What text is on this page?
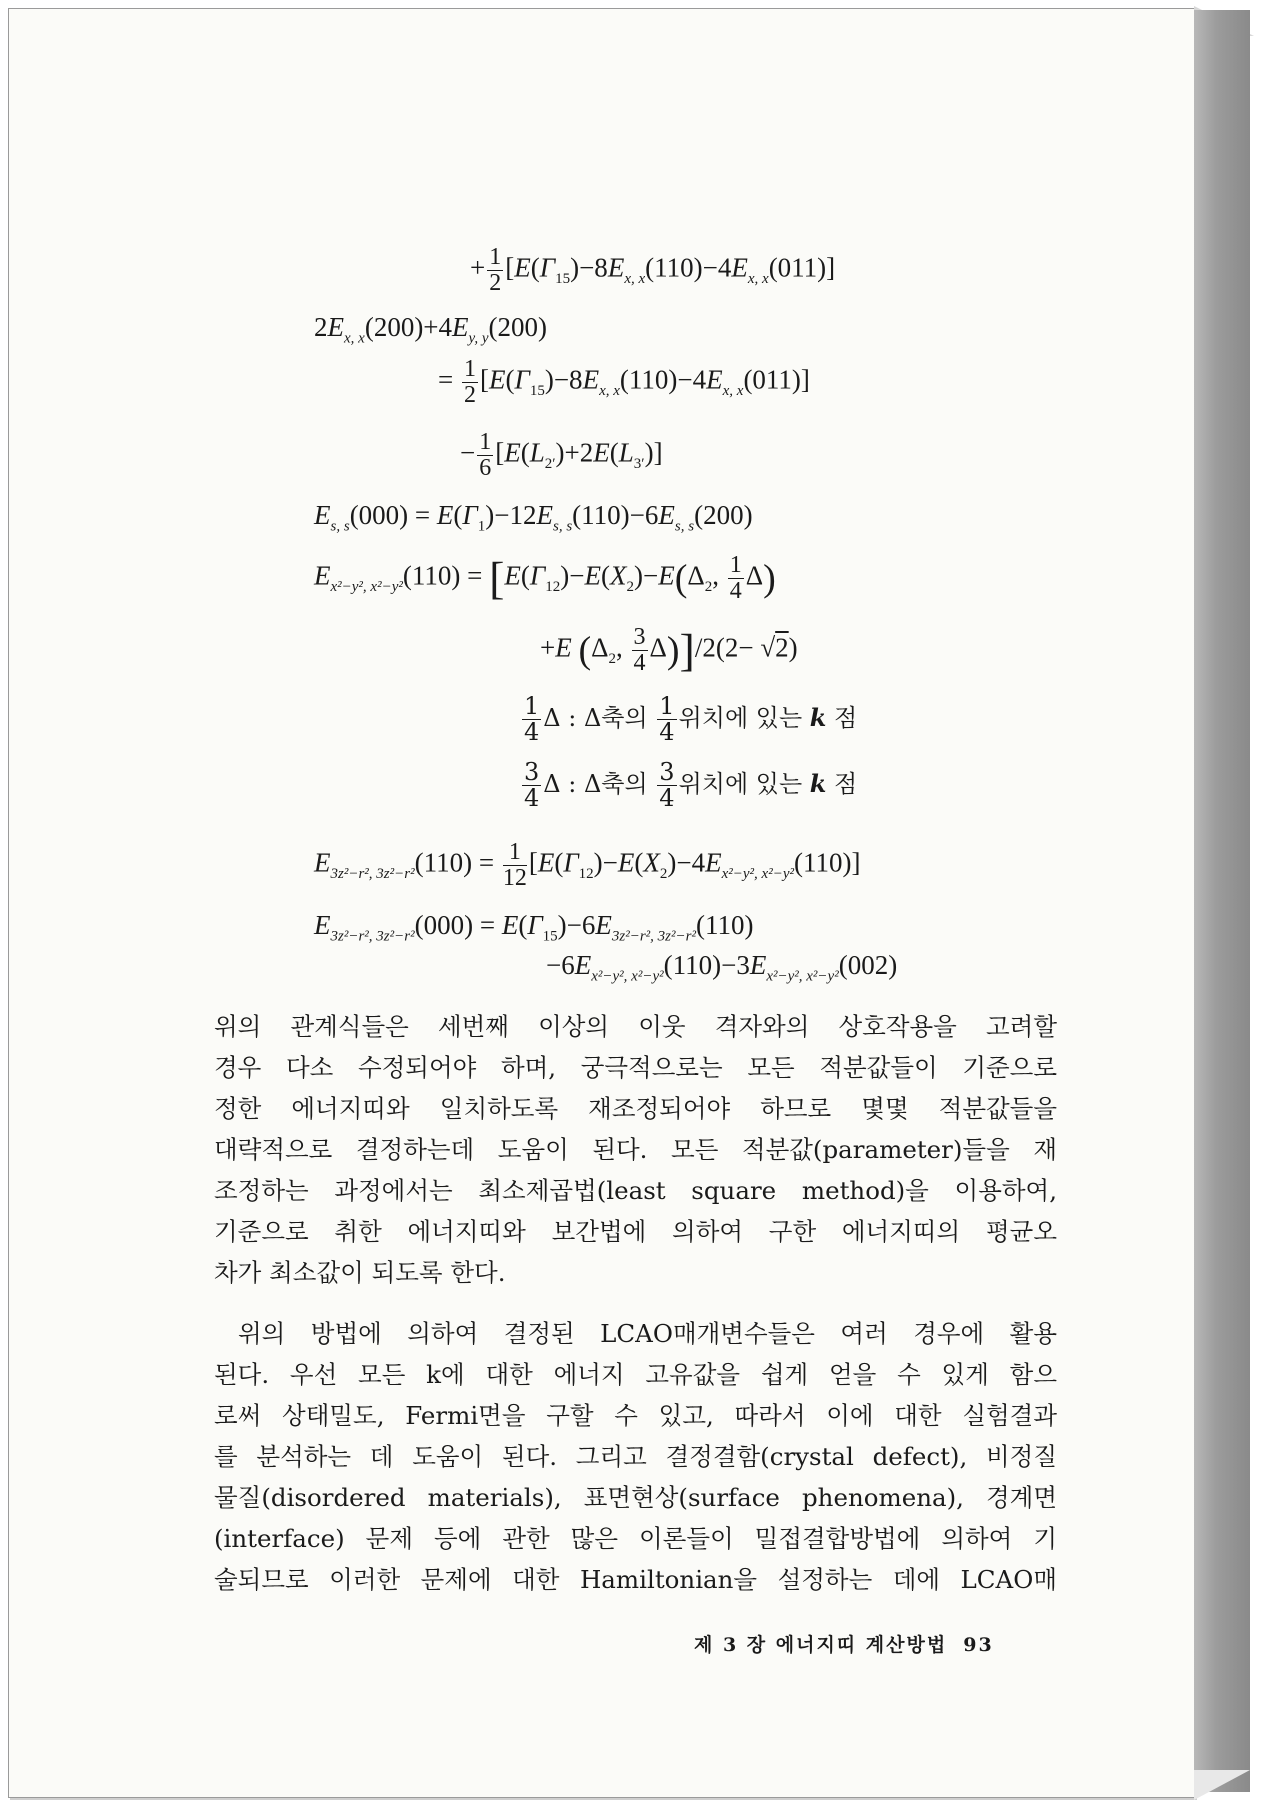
+ $\frac{1}{2} [E(\Gamma_{15})-8E_{x, x}(110)-4E_{x, x}(011)]$
$2E_{x, x}(200)+4E_{y, y}(200)$
= $\frac{1}{2} [E(\Gamma_{15})-8E_{x, x}(110)-4E_{x, x}(011)]$
− $\frac{1}{6} [E(L_{2'})+2E(L_{3'})]$
$E_{s, s}(000) = E(\Gamma_1)-12E_{s, s}(110)-6E_{s, s}(200)$
$E_{x^2-y^2, x^2-y^2}(110) = [E(\Gamma_{12})-E(X_2)-E(\Delta_2$, $\frac{1}{4} \Delta$)
+E ($\Delta_2$, $\frac{3}{4} \Delta)]/2(2- √2)$
$\frac{1}{4}$ Δ : Δ축의 $\frac{1}{4}$ 위치에 있는 k 점
$\frac{3}{4}$ Δ : Δ축의 $\frac{3}{4}$ 위치에 있는 k 점
$E_{3z^2-r^2, 3z^2-r^2}(110) = \frac{1}{12} [E(\Gamma_{12})-E(X_2)-4E_{x^2-y^2, x^2-y^2}(110)]$
$E_{3z^2-r^2, 3z^2-r^2}(000) = E(\Gamma_{15})-6E_{3z^2-r^2, 3z^2-r^2}(110)$
$-6E_{x^2-y^2, x^2-y^2}(110)-3E_{x^2-y^2, x^2-y^2}(002)$
위의 관계식들은 세번째 이상의 이웃 격자와의 상호작용을 고려할
경우 다소 수정되어야 하며, 궁극적으로는 모든 적분값들이 기준으로
정한 에너지띠와 일치하도록 재조정되어야 하므로 몇몇 적분값들을
대략적으로 결정하는데 도움이 된다. 모든 적분값(parameter)들을 재
조정하는 과정에서는 최소제곱법(least square method)을 이용하여,
기준으로 취한 에너지띠와 보간법에 의하여 구한 에너지띠의 평균오
차가 최소값이 되도록 한다.
위의 방법에 의하여 결정된 LCAO매개변수들은 여러 경우에 활용
된다. 우선 모든 k에 대한 에너지 고유값을 쉽게 얻을 수 있게 함으
로써 상태밀도, Fermi면을 구할 수 있고, 따라서 이에 대한 실험결과
를 분석하는 데 도움이 된다. 그리고 결정결함(crystal defect), 비정질
물질(disordered materials), 표면현상(surface phenomena), 경계면
(interface) 문제 등에 관한 많은 이론들이 밀접결합방법에 의하여 기
술되므로 이러한 문제에 대한 Hamiltonian을 설정하는 데에 LCAO매
제 3 장 에너지띠 계산방법 93
